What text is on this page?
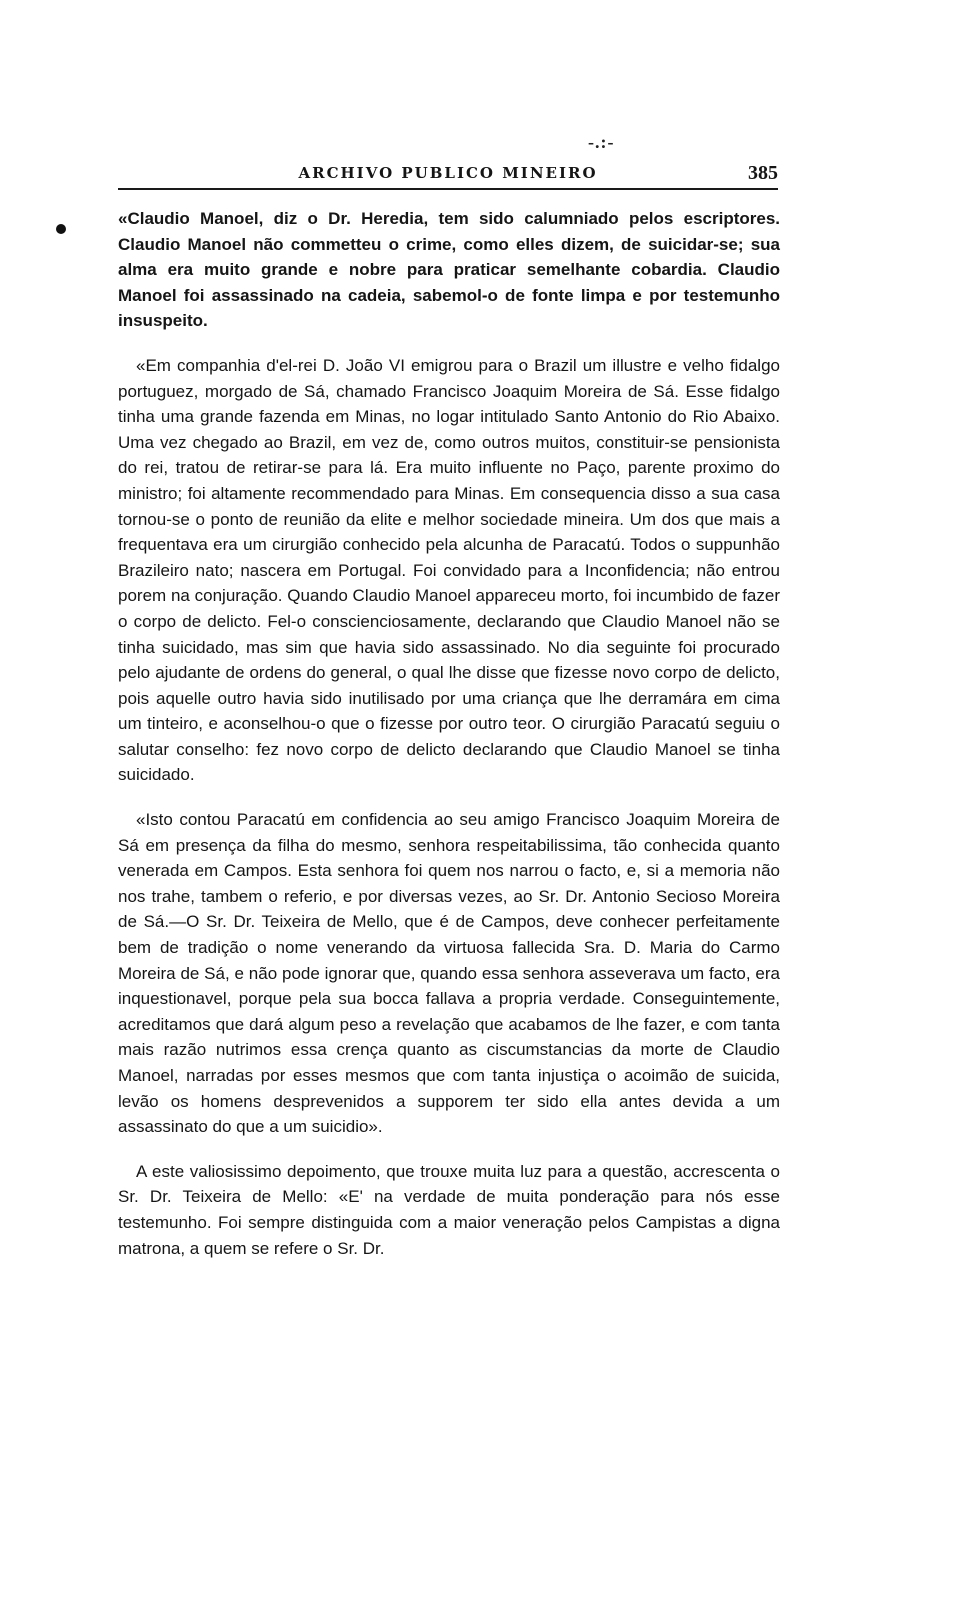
-.:-
ARCHIVO PUBLICO MINEIRO	385

«Claudio Manoel, diz o Dr. Heredia, tem sido calumniado pelos escriptores. Claudio Manoel não commetteu o crime, como elles dizem, de suicidar-se; sua alma era muito grande e nobre para praticar semelhante cobardia. Claudio Manoel foi assassinado na cadeia, sabemol-o de fonte limpa e por testemunho insuspeito.

«Em companhia d'el-rei D. João VI emigrou para o Brazil um illustre e velho fidalgo portuguez, morgado de Sá, chamado Francisco Joaquim Moreira de Sá. Esse fidalgo tinha uma grande fazenda em Minas, no logar intitulado Santo Antonio do Rio Abaixo. Uma vez chegado ao Brazil, em vez de, como outros muitos, constituir-se pensionista do rei, tratou de retirar-se para lá. Era muito influente no Paço, parente proximo do ministro; foi altamente recommendado para Minas. Em consequencia disso a sua casa tornou-se o ponto de reunião da elite e melhor sociedade mineira. Um dos que mais a frequentava era um cirurgião conhecido pela alcunha de Paracatú. Todos o suppunhão Brazileiro nato; nascera em Portugal. Foi convidado para a Inconfidencia; não entrou porem na conjuração. Quando Claudio Manoel appareceu morto, foi incumbido de fazer o corpo de delicto. Fel-o conscienciosamente, declarando que Claudio Manoel não se tinha suicidado, mas sim que havia sido assassinado. No dia seguinte foi procurado pelo ajudante de ordens do general, o qual lhe disse que fizesse novo corpo de delicto, pois aquelle outro havia sido inutilisado por uma criança que lhe derramára em cima um tinteiro, e aconselhou-o que o fizesse por outro teor. O cirurgião Paracatú seguiu o salutar conselho: fez novo corpo de delicto declarando que Claudio Manoel se tinha suicidado.

«Isto contou Paracatú em confidencia ao seu amigo Francisco Joaquim Moreira de Sá em presença da filha do mesmo, senhora respeitabilissima, tão conhecida quanto venerada em Campos. Esta senhora foi quem nos narrou o facto, e, si a memoria não nos trahe, tambem o referio, e por diversas vezes, ao Sr. Dr. Antonio Secioso Moreira de Sá.—O Sr. Dr. Teixeira de Mello, que é de Campos, deve conhecer perfeitamente bem de tradição o nome venerando da virtuosa fallecida Sra. D. Maria do Carmo Moreira de Sá, e não pode ignorar que, quando essa senhora asseverava um facto, era inquestionavel, porque pela sua bocca fallava a propria verdade. Conseguintemente, acreditamos que dará algum peso a revelação que acabamos de lhe fazer, e com tanta mais razão nutrimos essa crença quanto as ciscumstancias da morte de Claudio Manoel, narradas por esses mesmos que com tanta injustiça o acoimão de suicida, levão os homens desprevenidos a supporem ter sido ella antes devida a um assassinato do que a um suicidio».

A este valiosissimo depoimento, que trouxe muita luz para a questão, accrescenta o Sr. Dr. Teixeira de Mello: «E' na verdade de muita ponderação para nós esse testemunho. Foi sempre distinguida com a maior veneração pelos Campistas a digna matrona, a quem se refere o Sr. Dr.
